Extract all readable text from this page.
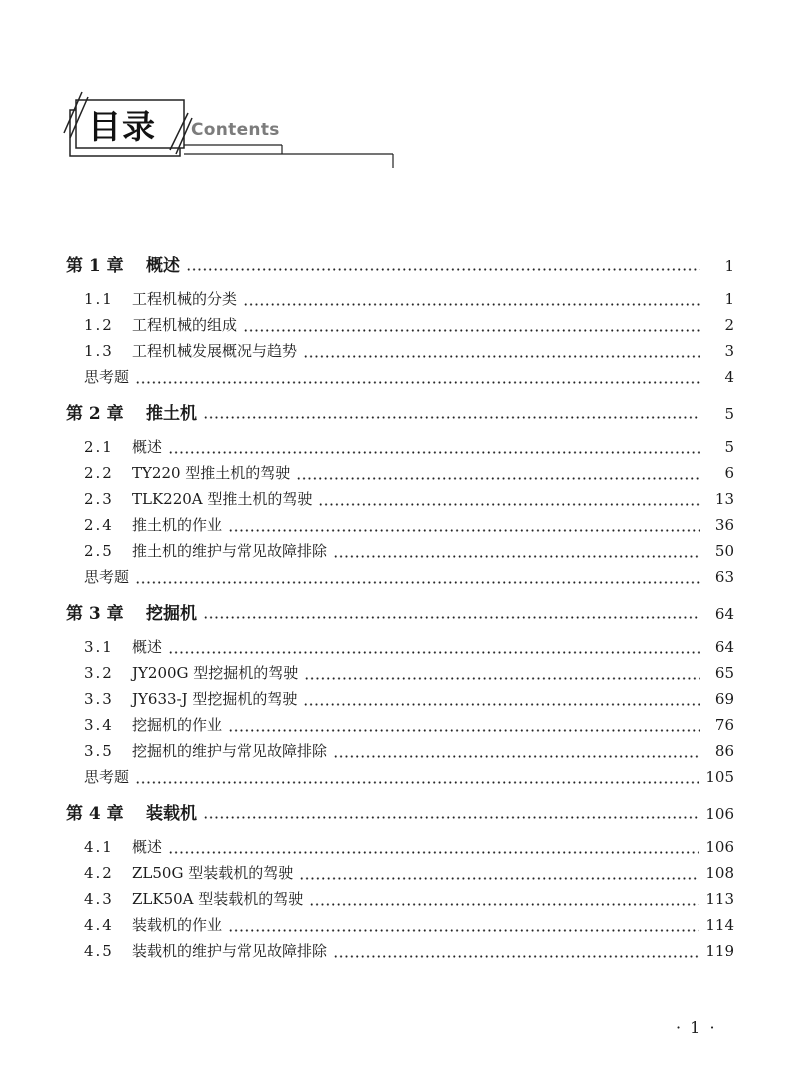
目录	Contents
第 1 章	概述	1
1.1	工程机械的分类	1
1.2	工程机械的组成	2
1.3	工程机械发展概况与趋势	3
思考题	4
第 2 章	推土机	5
2.1	概述	5
2.2	TY220 型推土机的驾驶	6
2.3	TLK220A 型推土机的驾驶	13
2.4	推土机的作业	36
2.5	推土机的维护与常见故障排除	50
思考题	63
第 3 章	挖掘机	64
3.1	概述	64
3.2	JY200G 型挖掘机的驾驶	65
3.3	JY633-J 型挖掘机的驾驶	69
3.4	挖掘机的作业	76
3.5	挖掘机的维护与常见故障排除	86
思考题	105
第 4 章	装载机	106
4.1	概述	106
4.2	ZL50G 型装载机的驾驶	108
4.3	ZLK50A 型装载机的驾驶	113
4.4	装载机的作业	114
4.5	装载机的维护与常见故障排除	119
· 1 ·
